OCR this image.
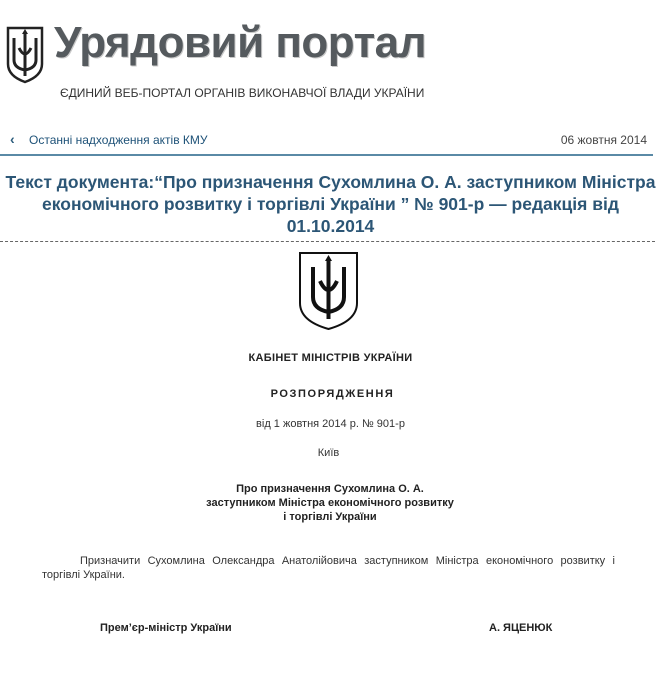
Урядовий портал
ЄДИНИЙ ВЕБ-ПОРТАЛ ОРГАНІВ ВИКОНАВЧОЇ ВЛАДИ УКРАЇНИ
‹ Останні надходження актів КМУ	06 жовтня 2014
Текст документа:“Про призначення Сухомлина О. А. заступником Міністра економічного розвитку і торгівлі України ” № 901-р — редакція від 01.10.2014
КАБІНЕТ МІНІСТРІВ УКРАЇНИ
РОЗПОРЯДЖЕННЯ
від 1 жовтня 2014 р. № 901-р
Київ
Про призначення Сухомлина О. А.
заступником Міністра економічного розвитку
і торгівлі України
Призначити Сухомлина Олександра Анатолійовича заступником Міністра економічного розвитку і торгівлі України.
Прем’єр-міністр України	А. ЯЦЕНЮК
